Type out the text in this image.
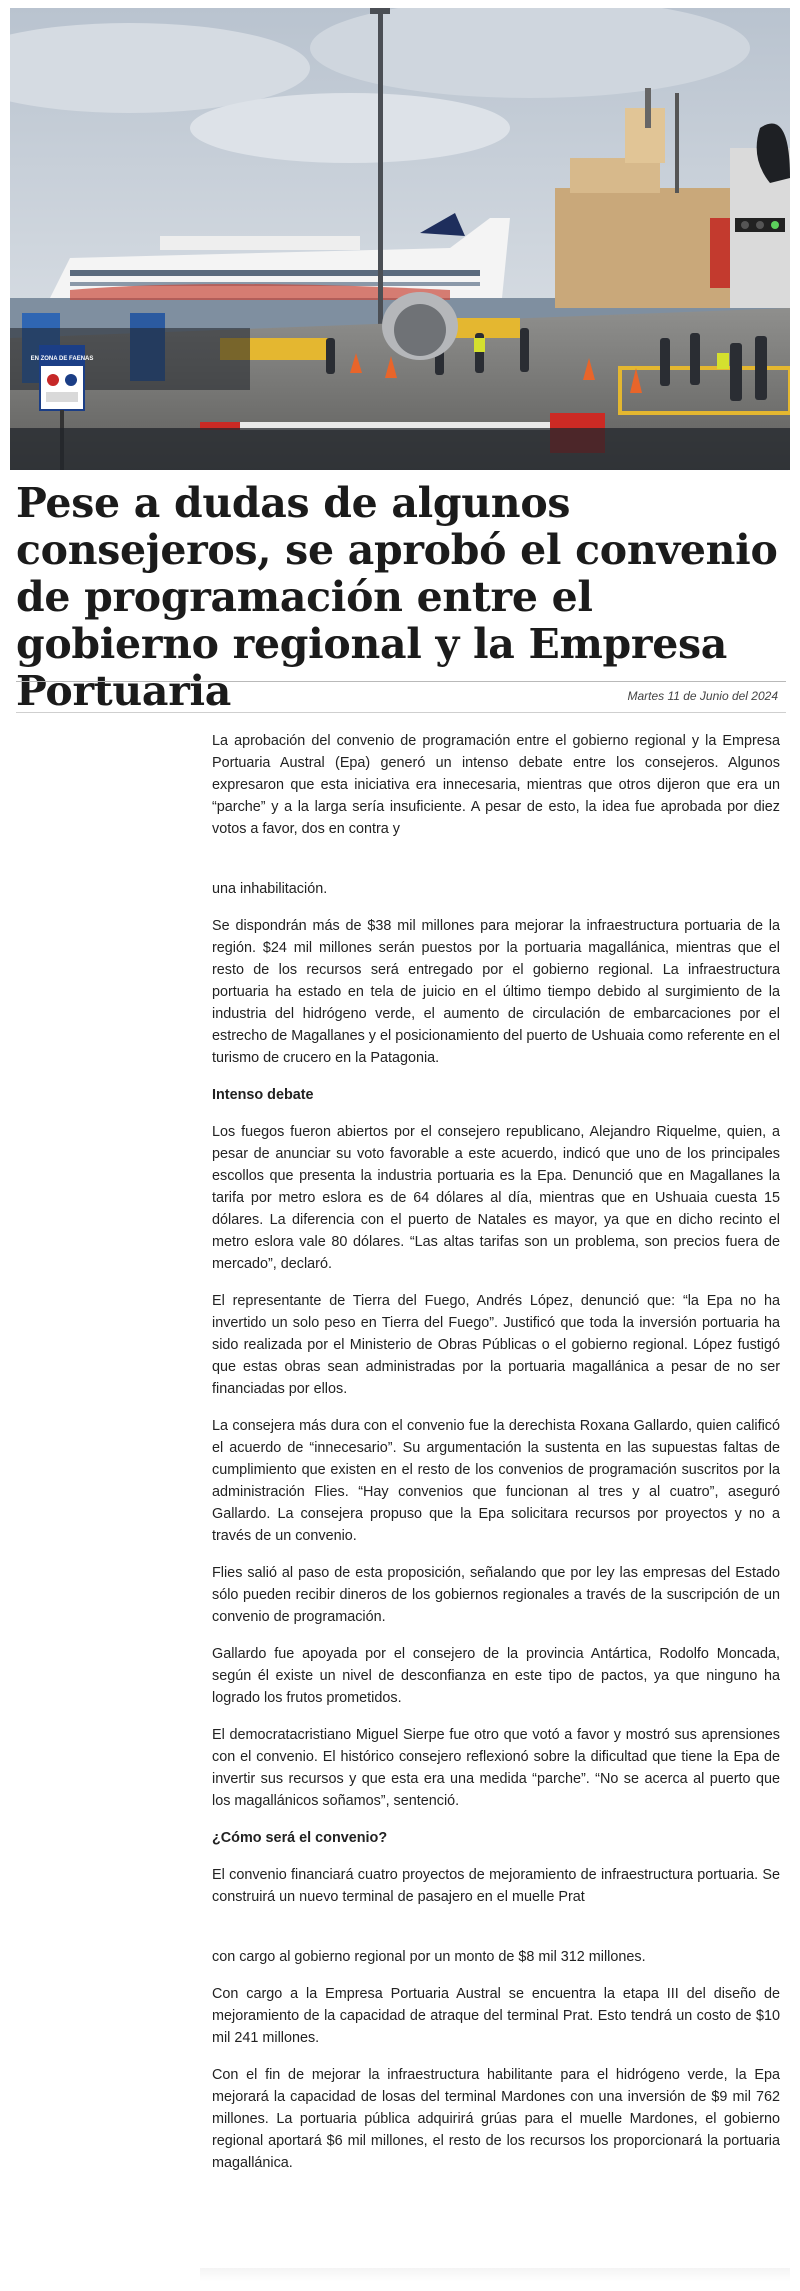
EN ZONA DE FAENAS
Pese a dudas de algunos consejeros, se aprobó el convenio de programación entre el gobierno regional y la Empresa Portuaria	Martes 11 de Junio del 2024

La aprobación del convenio de programación entre el gobierno regional y la Empresa Portuaria Austral (Epa) generó un intenso debate entre los consejeros. Algunos expresaron que esta iniciativa era innecesaria, mientras que otros dijeron que era un “parche” y a la larga sería insuficiente. A pesar de esto, la idea fue aprobada por diez votos a favor, dos en contra y

una inhabilitación.

Se dispondrán más de $38 mil millones para mejorar la infraestructura portuaria de la región. $24 mil millones serán puestos por la portuaria magallánica, mientras que el resto de los recursos será entregado por el gobierno regional. La infraestructura portuaria ha estado en tela de juicio en el último tiempo debido al surgimiento de la industria del hidrógeno verde, el aumento de circulación de embarcaciones por el estrecho de Magallanes y el posicionamiento del puerto de Ushuaia como referente en el turismo de crucero en la Patagonia.

Intenso debate

Los fuegos fueron abiertos por el consejero republicano, Alejandro Riquelme, quien, a pesar de anunciar su voto favorable a este acuerdo, indicó que uno de los principales escollos que presenta la industria portuaria es la Epa. Denunció que en Magallanes la tarifa por metro eslora es de 64 dólares al día, mientras que en Ushuaia cuesta 15 dólares. La diferencia con el puerto de Natales es mayor, ya que en dicho recinto el metro eslora vale 80 dólares. “Las altas tarifas son un problema, son precios fuera de mercado”, declaró.

El representante de Tierra del Fuego, Andrés López, denunció que: “la Epa no ha invertido un solo peso en Tierra del Fuego”. Justificó que toda la inversión portuaria ha sido realizada por el Ministerio de Obras Públicas o el gobierno regional. López fustigó que estas obras sean administradas por la portuaria magallánica a pesar de no ser financiadas por ellos.

La consejera más dura con el convenio fue la derechista Roxana Gallardo, quien calificó el acuerdo de “innecesario”. Su argumentación la sustenta en las supuestas faltas de cumplimiento que existen en el resto de los convenios de programación suscritos por la administración Flies. “Hay convenios que funcionan al tres y al cuatro”, aseguró Gallardo. La consejera propuso que la Epa solicitara recursos por proyectos y no a través de un convenio.

Flies salió al paso de esta proposición, señalando que por ley las empresas del Estado sólo pueden recibir dineros de los gobiernos regionales a través de la suscripción de un convenio de programación.

Gallardo fue apoyada por el consejero de la provincia Antártica, Rodolfo Moncada, según él existe un nivel de desconfianza en este tipo de pactos, ya que ninguno ha logrado los frutos prometidos.

El democratacristiano Miguel Sierpe fue otro que votó a favor y mostró sus aprensiones con el convenio. El histórico consejero reflexionó sobre la dificultad que tiene la Epa de invertir sus recursos y que esta era una medida “parche”. “No se acerca al puerto que los magallánicos soñamos”, sentenció.

¿Cómo será el convenio?

El convenio financiará cuatro proyectos de mejoramiento de infraestructura portuaria. Se construirá un nuevo terminal de pasajero en el muelle Prat

con cargo al gobierno regional por un monto de $8 mil 312 millones.

Con cargo a la Empresa Portuaria Austral se encuentra la etapa III del diseño de mejoramiento de la capacidad de atraque del terminal Prat. Esto tendrá un costo de $10 mil 241 millones.

Con el fin de mejorar la infraestructura habilitante para el hidrógeno verde, la Epa mejorará la capacidad de losas del terminal Mardones con una inversión de $9 mil 762 millones. La portuaria pública adquirirá grúas para el muelle Mardones, el gobierno regional aportará $6 mil millones, el resto de los recursos los proporcionará la portuaria magallánica.
